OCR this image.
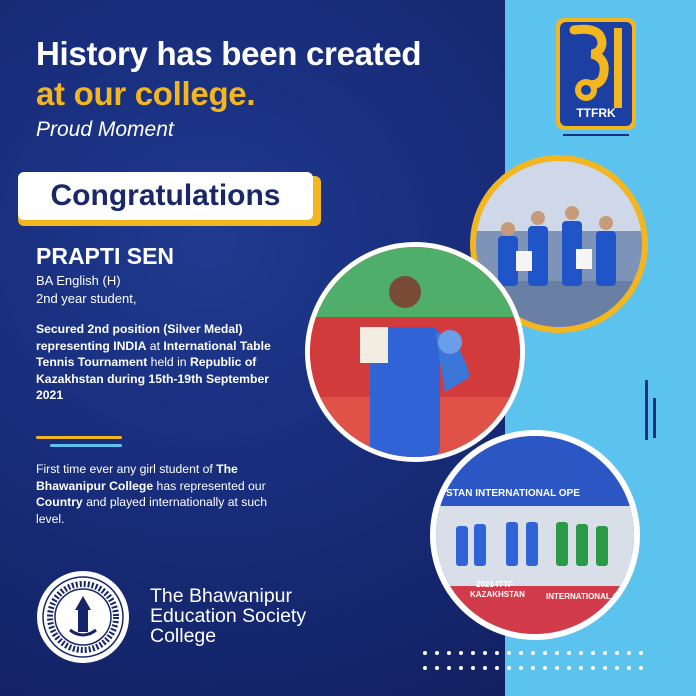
History has been created
at our college.
Proud Moment
Congratulations
PRAPTI SEN
BA English (H)
2nd year student,
Secured 2nd position (Silver Medal) representing INDIA at International Table Tennis Tournament held in Republic of Kazakhstan during 15th-19th September 2021
First time ever any girl student of The Bhawanipur College has represented our Country and played internationally at such level.
The Bhawanipur
Education Society
College
TTFRK
STAN INTERNATIONAL OPE
2021 ITTF
KAZAKHSTAN	INTERNATIONAL OPE
